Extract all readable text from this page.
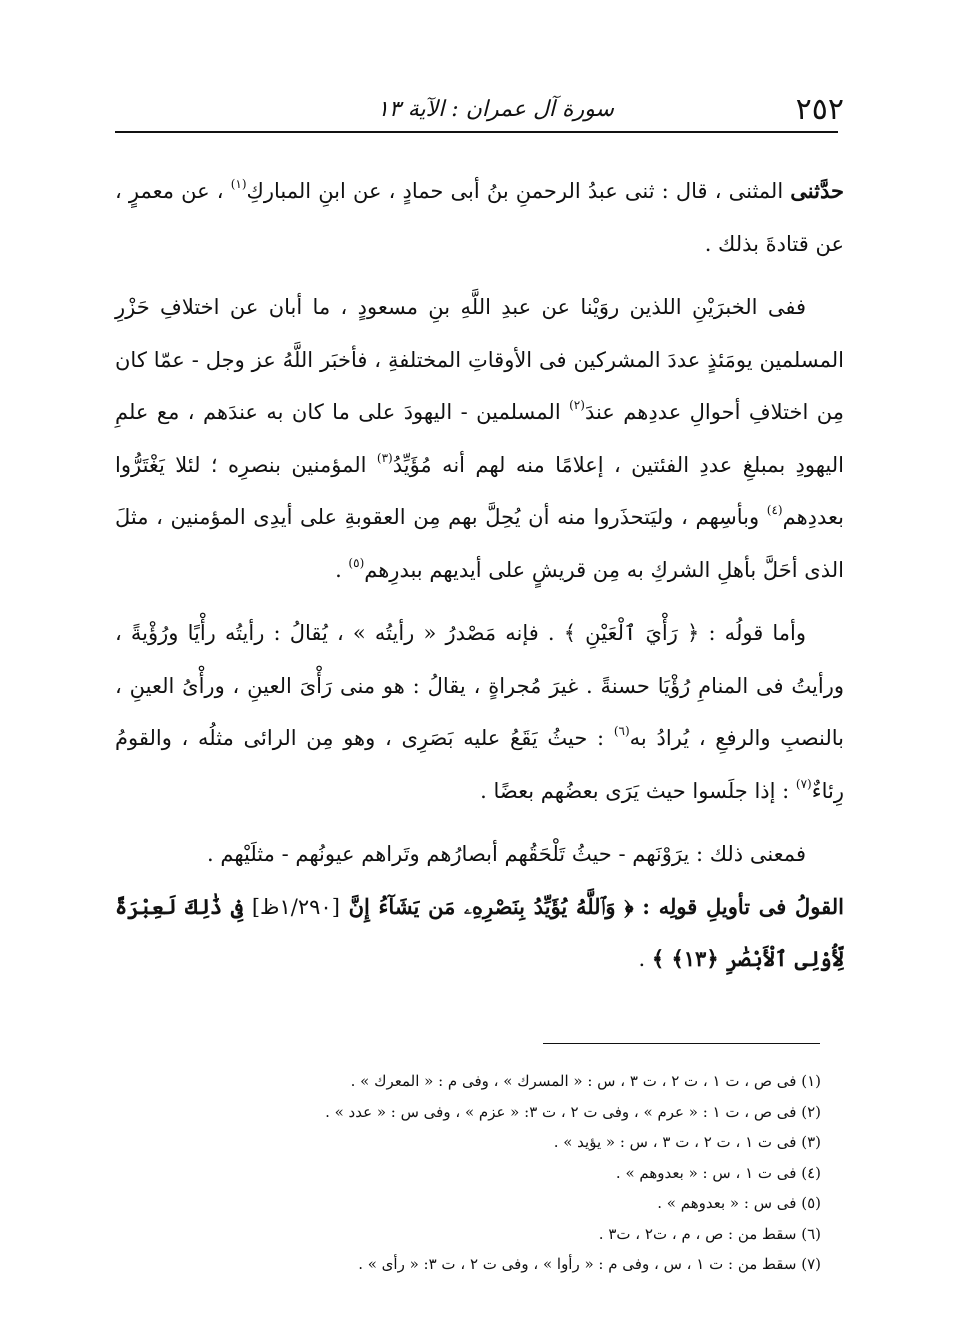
٢٥٢
سورة آل عمران : الآية ١٣

حدَّثنى المثنى ، قال : ثنى عبدُ الرحمنِ بنُ أبى حمادٍ ، عن ابنِ المباركِ$^{(١)}$ ، عن معمرٍ ، عن قتادةَ بذلك .

ففى الخبرَيْنِ اللذين روَيْنا عن عبدِ اللَّهِ بنِ مسعودٍ ، ما أبان عن اختلافِ حَزْرِ المسلمين يومَئذٍ عددَ المشركين فى الأوقاتِ المختلفةِ ، فأخبَر اللَّهُ عز وجل - عمّا كان مِن اختلافِ أحوالِ عددِهم عندَ$^{(٢)}$ المسلمين - اليهودَ على ما كان به عندَهم ، مع علمِ اليهودِ بمبلغِ عددِ الفئتين ، إعلامًا منه لهم أنه مُؤَيِّدُ$^{(٣)}$ المؤمنين بنصرِه ؛ لئلا يَغْتَرُّوا بعددِهم$^{(٤)}$ وبأسِهم ، وليَتحذَروا منه أن يُحِلَّ بهم مِن العقوبةِ على أيدِى المؤمنين ، مثلَ الذى أحَلَّ بأهلِ الشركِ به مِن قريشٍ على أيديهم ببدرِهم$^{(٥)}$ .

وأما قولُه : ﴿ رَأْيَ ٱلْعَيْنِ ﴾ . فإنه مَصْدرُ « رأيتُه » ، يُقالُ : رأيتُه رأْيًا ورُؤْيةً ، ورأيتُ فى المنامِ رُؤْيَا حسنةً . غيرَ مُجراةٍ ، يقالُ : هو منى رَأْىَ العينِ ، ورأْىُ العينِ ، بالنصبِ والرفعِ ، يُرادُ به$^{(٦)}$ : حيثُ يَقَعُ عليه بَصَرِى ، وهو مِن الرائى مثلُه ، والقومُ رِئاءٌ$^{(٧)}$ : إذا جلَسوا حيث يَرَى بعضُهم بعضًا .

فمعنى ذلك : يرَوْنَهم - حيثُ تَلْحَقُهم أبصارُهم وتَراهم عيونُهم - مثلَيْهم .

القولُ فى تأويلِ قولِه : ﴿ وَٱللَّهُ يُؤَيِّدُ بِنَصْرِهِۦ مَن يَشَآءُ إِنَّ [١/٢٩٠ظ] فِى ذَٰلِكَ لَعِبْرَةً لِّأُوْلِى ٱلْأَبْصَٰرِ ﴿١٣﴾ ﴾ .

(١) فى ص ، ت ١ ، ت ٢ ، ت ٣ ، س : « المسرك » ، وفى م : « المعرك » .
(٢) فى ص ، ت ١ : « عرم » ، وفى ت ٢ ، ت ٣: « عزم » ، وفى س : « عدد » .
(٣) فى ت ١ ، ت ٢ ، ت ٣ ، س : « يؤيد » .
(٤) فى ت ١ ، س : « بعدوهم » .
(٥) فى س : « بعدوهم » .
(٦) سقط من : ص ، م ، ت٢ ، ت٣ .
(٧) سقط من : ت ١ ، س ، وفى م : « رأوا » ، وفى ت ٢ ، ت ٣: « رأى » .
